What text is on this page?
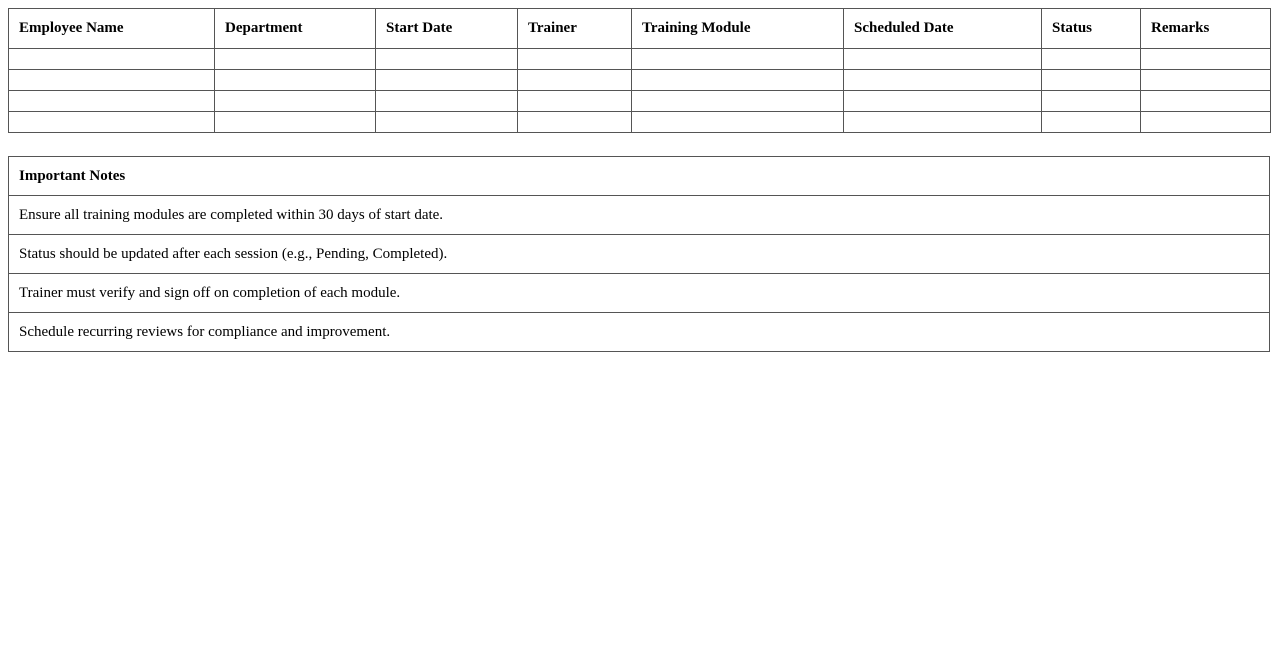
Employee Name	Department	Start Date	Trainer	Training Module	Scheduled Date	Status	Remarks

Important Notes
Ensure all training modules are completed within 30 days of start date.
Status should be updated after each session (e.g., Pending, Completed).
Trainer must verify and sign off on completion of each module.
Schedule recurring reviews for compliance and improvement.
